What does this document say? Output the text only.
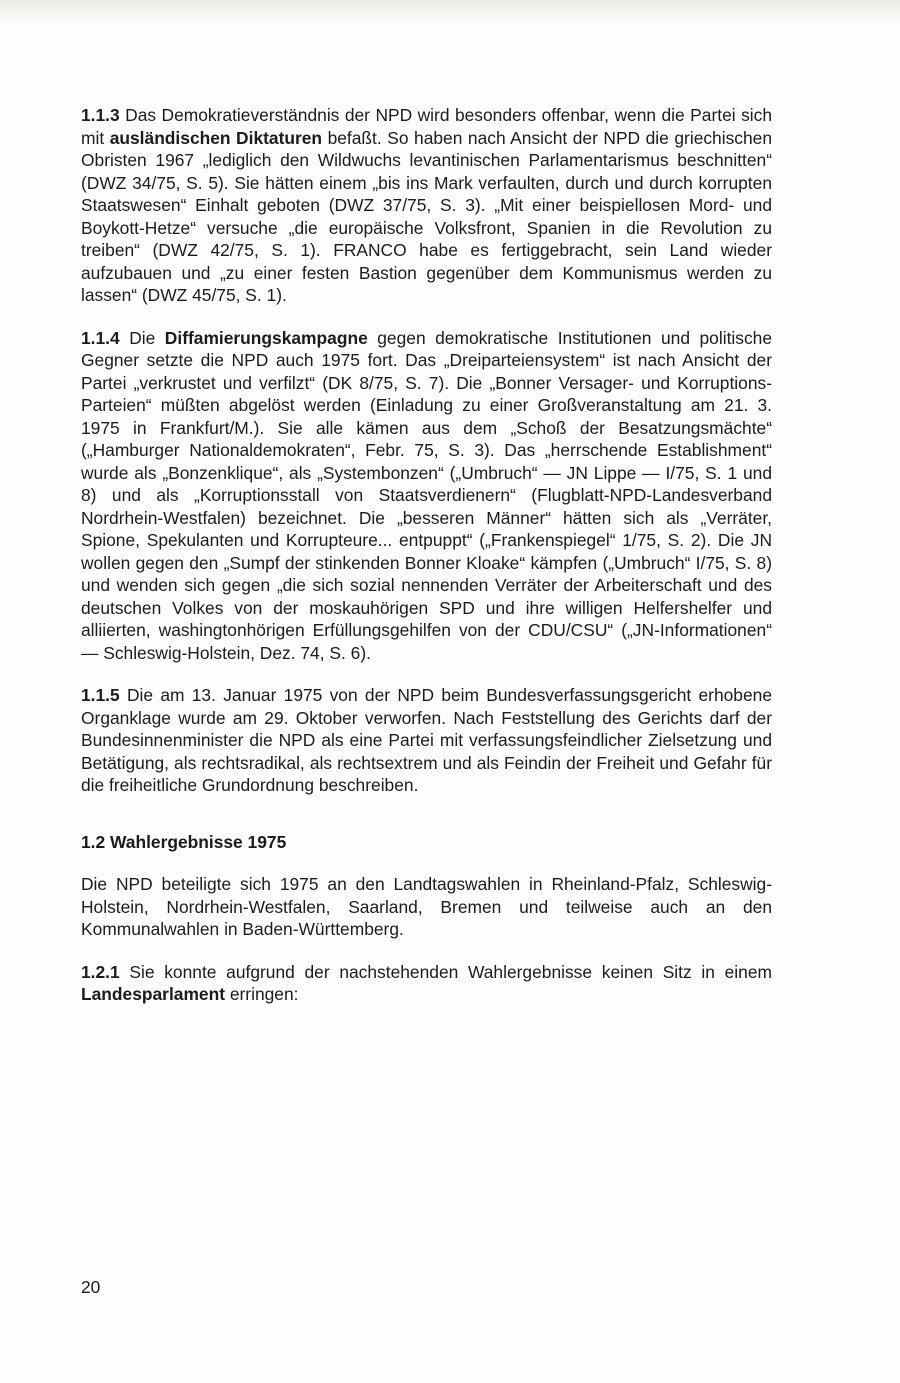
1.1.3 Das Demokratieverständnis der NPD wird besonders offenbar, wenn die Partei sich mit ausländischen Diktaturen befaßt. So haben nach Ansicht der NPD die griechischen Obristen 1967 „lediglich den Wildwuchs levantinischen Parlamentarismus beschnitten“ (DWZ 34/75, S. 5). Sie hätten einem „bis ins Mark verfaulten, durch und durch korrupten Staatswesen“ Einhalt geboten (DWZ 37/75, S. 3). „Mit einer beispiellosen Mord- und Boykott-Hetze“ versuche „die europäische Volksfront, Spanien in die Revolution zu treiben“ (DWZ 42/75, S. 1). FRANCO habe es fertiggebracht, sein Land wieder aufzubauen und „zu einer festen Bastion gegenüber dem Kommunismus werden zu lassen“ (DWZ 45/75, S. 1).

1.1.4 Die Diffamierungskampagne gegen demokratische Institutionen und politische Gegner setzte die NPD auch 1975 fort. Das „Dreiparteiensystem“ ist nach Ansicht der Partei „verkrustet und verfilzt“ (DK 8/75, S. 7). Die „Bonner Versager- und Korruptions-Parteien“ müßten abgelöst werden (Einladung zu einer Großveranstaltung am 21. 3. 1975 in Frankfurt/M.). Sie alle kämen aus dem „Schoß der Besatzungsmächte“ („Hamburger Nationaldemokraten“, Febr. 75, S. 3). Das „herrschende Establishment“ wurde als „Bonzenklique“, als „Systembonzen“ („Umbruch“ — JN Lippe — I/75, S. 1 und 8) und als „Korruptionsstall von Staatsverdienern“ (Flugblatt-NPD-Landesverband Nordrhein-Westfalen) bezeichnet. Die „besseren Männer“ hätten sich als „Verräter, Spione, Spekulanten und Korrupteure... entpuppt“ („Frankenspiegel“ 1/75, S. 2). Die JN wollen gegen den „Sumpf der stinkenden Bonner Kloake“ kämpfen („Umbruch“ I/75, S. 8) und wenden sich gegen „die sich sozial nennenden Verräter der Arbeiterschaft und des deutschen Volkes von der moskauhörigen SPD und ihre willigen Helfershelfer und alliierten, washingtonhörigen Erfüllungsgehilfen von der CDU/CSU“ („JN-Informationen“ — Schleswig-Holstein, Dez. 74, S. 6).

1.1.5 Die am 13. Januar 1975 von der NPD beim Bundesverfassungsgericht erhobene Organklage wurde am 29. Oktober verworfen. Nach Feststellung des Gerichts darf der Bundesinnenminister die NPD als eine Partei mit verfassungsfeindlicher Zielsetzung und Betätigung, als rechtsradikal, als rechtsextrem und als Feindin der Freiheit und Gefahr für die freiheitliche Grundordnung beschreiben.

1.2 Wahlergebnisse 1975

Die NPD beteiligte sich 1975 an den Landtagswahlen in Rheinland-Pfalz, Schleswig-Holstein, Nordrhein-Westfalen, Saarland, Bremen und teilweise auch an den Kommunalwahlen in Baden-Württemberg.

1.2.1 Sie konnte aufgrund der nachstehenden Wahlergebnisse keinen Sitz in einem Landesparlament erringen:

20
